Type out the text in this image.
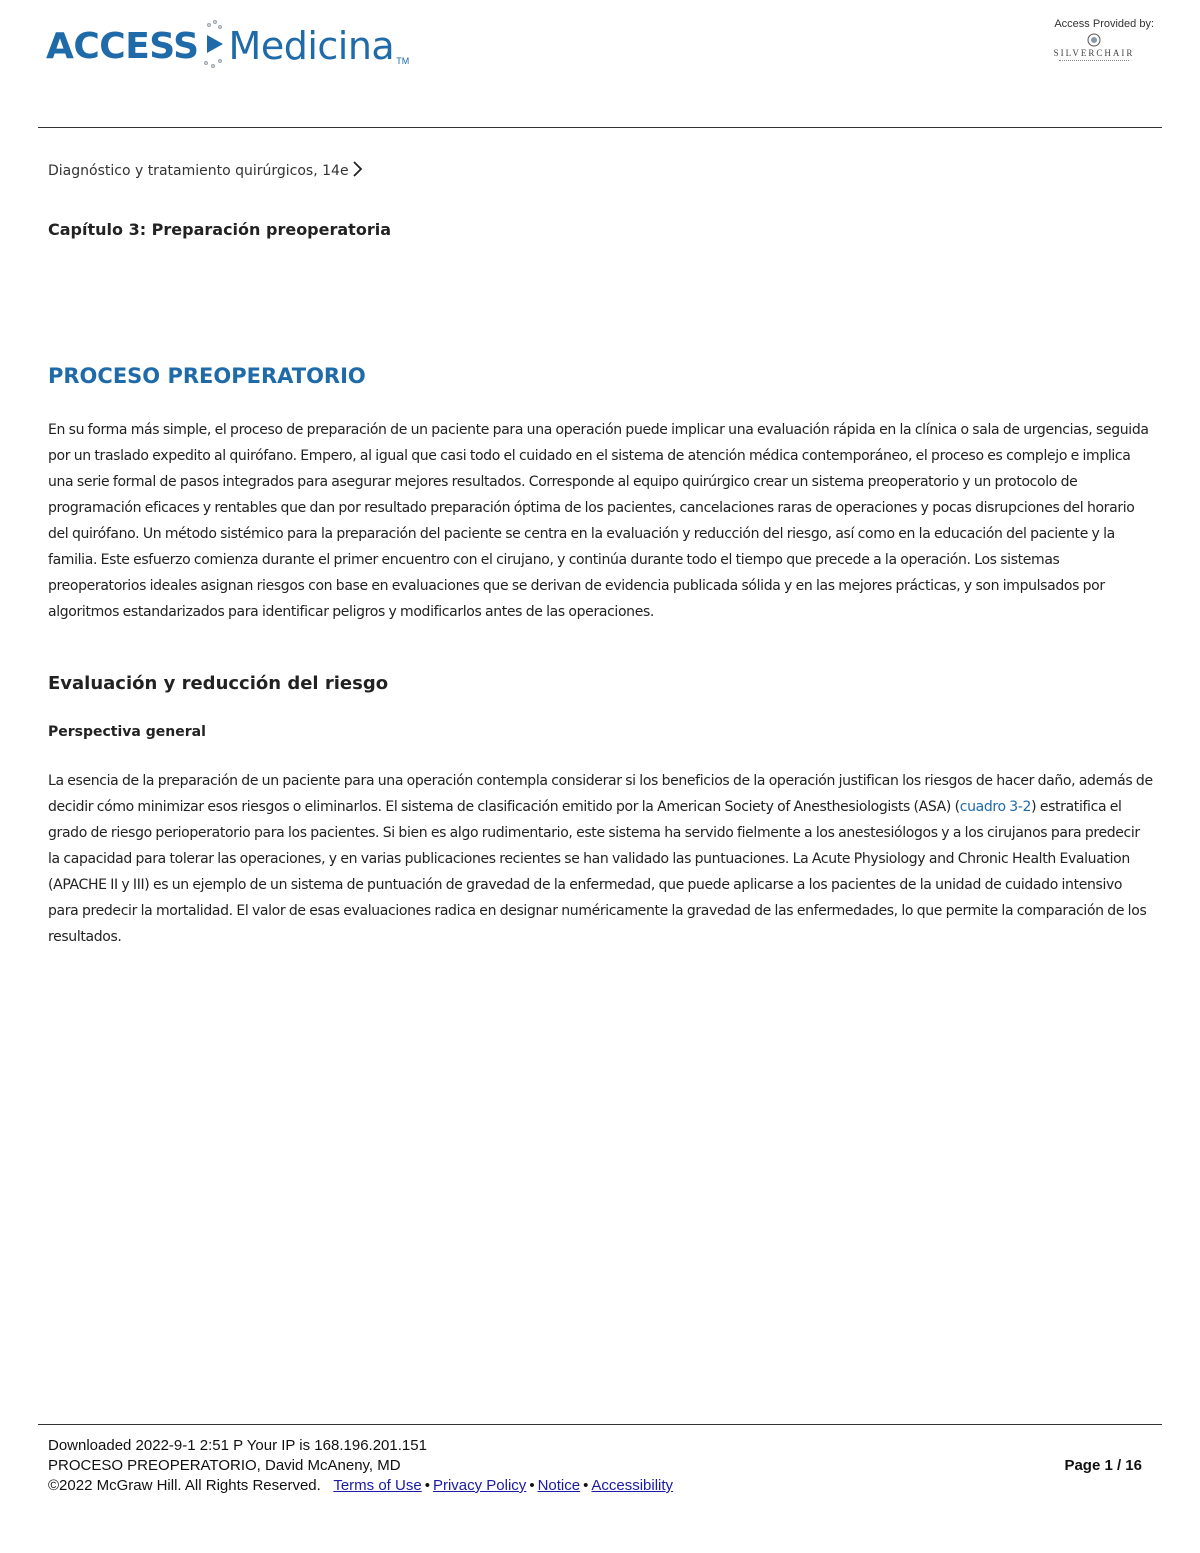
ACCESS Medicina TM
Access Provided by:
SILVERCHAIR
Diagnóstico y tratamiento quirúrgicos, 14e
Capítulo 3: Preparación preoperatoria
PROCESO PREOPERATORIO

En su forma más simple, el proceso de preparación de un paciente para una operación puede implicar una evaluación rápida en la clínica o sala de urgencias, seguida por un traslado expedito al quirófano. Empero, al igual que casi todo el cuidado en el sistema de atención médica contemporáneo, el proceso es complejo e implica una serie formal de pasos integrados para asegurar mejores resultados. Corresponde al equipo quirúrgico crear un sistema preoperatorio y un protocolo de programación eficaces y rentables que dan por resultado preparación óptima de los pacientes, cancelaciones raras de operaciones y pocas disrupciones del horario del quirófano. Un método sistémico para la preparación del paciente se centra en la evaluación y reducción del riesgo, así como en la educación del paciente y la familia. Este esfuerzo comienza durante el primer encuentro con el cirujano, y continúa durante todo el tiempo que precede a la operación. Los sistemas preoperatorios ideales asignan riesgos con base en evaluaciones que se derivan de evidencia publicada sólida y en las mejores prácticas, y son impulsados por algoritmos estandarizados para identificar peligros y modificarlos antes de las operaciones.

Evaluación y reducción del riesgo
Perspectiva general

La esencia de la preparación de un paciente para una operación contempla considerar si los beneficios de la operación justifican los riesgos de hacer daño, además de decidir cómo minimizar esos riesgos o eliminarlos. El sistema de clasificación emitido por la American Society of Anesthesiologists (ASA) (cuadro 3-2) estratifica el grado de riesgo perioperatorio para los pacientes. Si bien es algo rudimentario, este sistema ha servido fielmente a los anestesiólogos y a los cirujanos para predecir la capacidad para tolerar las operaciones, y en varias publicaciones recientes se han validado las puntuaciones. La Acute Physiology and Chronic Health Evaluation (APACHE II y III) es un ejemplo de un sistema de puntuación de gravedad de la enfermedad, que puede aplicarse a los pacientes de la unidad de cuidado intensivo para predecir la mortalidad. El valor de esas evaluaciones radica en designar numéricamente la gravedad de las enfermedades, lo que permite la comparación de los resultados.

Downloaded 2022-9-1 2:51 P Your IP is 168.196.201.151
PROCESO PREOPERATORIO, David McAneny, MD
©2022 McGraw Hill. All Rights Reserved. Terms of Use • Privacy Policy • Notice • Accessibility
Page 1 / 16
